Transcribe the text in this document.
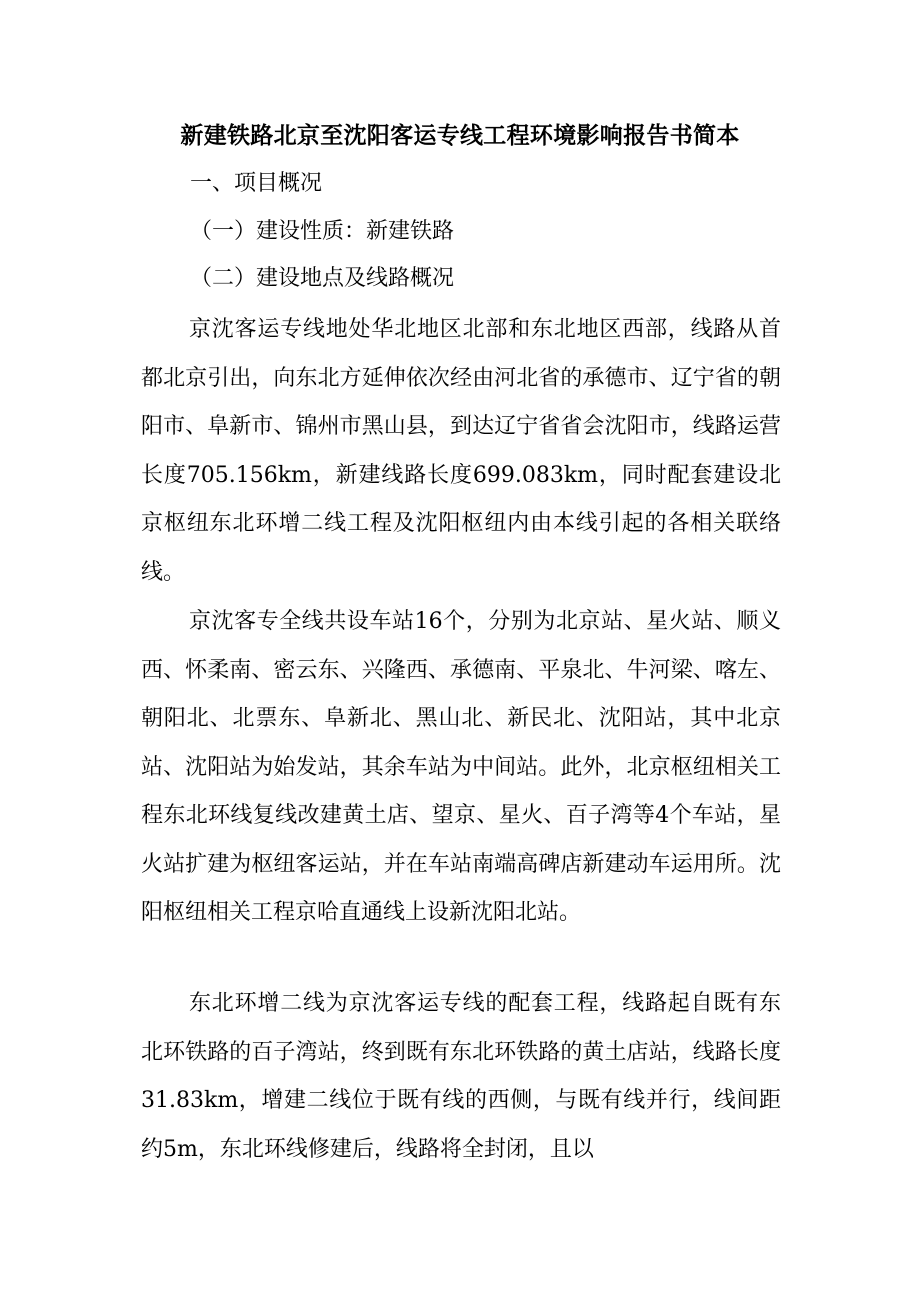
新建铁路北京至沈阳客运专线工程环境影响报告书简本

一、项目概况

（一）建设性质：新建铁路

（二）建设地点及线路概况

京沈客运专线地处华北地区北部和东北地区西部，线路从首都北京引出，向东北方延伸依次经由河北省的承德市、辽宁省的朝阳市、阜新市、锦州市黑山县，到达辽宁省省会沈阳市，线路运营长度705.156km，新建线路长度699.083km，同时配套建设北京枢纽东北环增二线工程及沈阳枢纽内由本线引起的各相关联络线。

京沈客专全线共设车站16个，分别为北京站、星火站、顺义西、怀柔南、密云东、兴隆西、承德南、平泉北、牛河梁、喀左、朝阳北、北票东、阜新北、黑山北、新民北、沈阳站，其中北京站、沈阳站为始发站，其余车站为中间站。此外，北京枢纽相关工程东北环线复线改建黄土店、望京、星火、百子湾等4个车站，星火站扩建为枢纽客运站，并在车站南端高碑店新建动车运用所。沈阳枢纽相关工程京哈直通线上设新沈阳北站。

东北环增二线为京沈客运专线的配套工程，线路起自既有东北环铁路的百子湾站，终到既有东北环铁路的黄土店站，线路长度31.83km，增建二线位于既有线的西侧，与既有线并行，线间距约5m，东北环线修建后，线路将全封闭，且以
